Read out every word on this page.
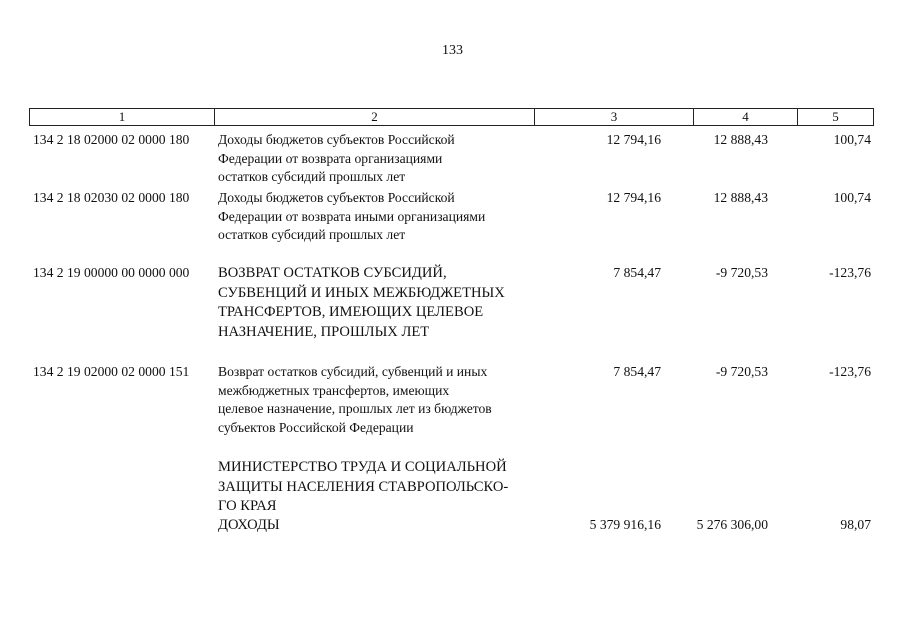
133
1	2	3	4	5
134 2 18 02000 02 0000 180 Доходы бюджетов субъектов Российской
Федерации от возврата организациями
остатков субсидий прошлых лет
12 794,16	12 888,43	100,74
134 2 18 02030 02 0000 180 Доходы бюджетов субъектов Российской
Федерации от возврата иными организациями
остатков субсидий прошлых лет
12 794,16	12 888,43	100,74
134 2 19 00000 00 0000 000 ВОЗВРАТ ОСТАТКОВ СУБСИДИЙ,
СУБВЕНЦИЙ И ИНЫХ МЕЖБЮДЖЕТНЫХ
ТРАНСФЕРТОВ, ИМЕЮЩИХ ЦЕЛЕВОЕ
НАЗНАЧЕНИЕ, ПРОШЛЫХ ЛЕТ
7 854,47	-9 720,53	-123,76
134 2 19 02000 02 0000 151 Возврат остатков субсидий, субвенций и иных
межбюджетных трансфертов, имеющих
целевое назначение, прошлых лет из бюджетов
субъектов Российской Федерации
7 854,47	-9 720,53	-123,76
МИНИСТЕРСТВО ТРУДА И СОЦИАЛЬНОЙ
ЗАЩИТЫ НАСЕЛЕНИЯ СТАВРОПОЛЬСКО-
ГО КРАЯ
ДОХОДЫ	5 379 916,16	5 276 306,00	98,07
